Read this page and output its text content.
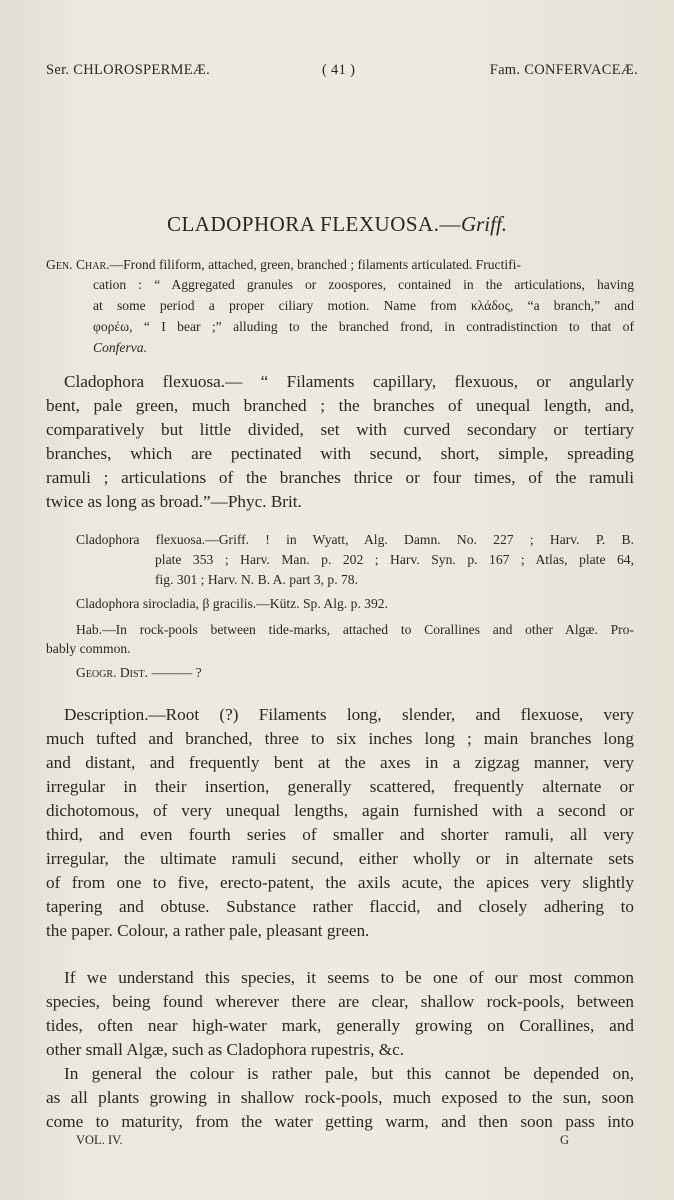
Ser. CHLOROSPERMEÆ.	( 41 )	Fam. CONFERVACEÆ.
CLADOPHORA FLEXUOSA.—Griff.
Gen. Char.—Frond filiform, attached, green, branched ; filaments articulated. Fructifi-
cation : “ Aggregated granules or zoospores, contained in the articulations, having
at some period a proper ciliary motion. Name from κλάδος, “a branch,” and
φορέω, “ I bear ;” alluding to the branched frond, in contradistinction to that of
Conferva.
Cladophora flexuosa.— “ Filaments capillary, flexuous, or angularly
bent, pale green, much branched ; the branches of unequal length, and,
comparatively but little divided, set with curved secondary or tertiary
branches, which are pectinated with secund, short, simple, spreading
ramuli ; articulations of the branches thrice or four times, of the ramuli
twice as long as broad.”—Phyc. Brit.
Cladophora flexuosa.—Griff. ! in Wyatt, Alg. Damn. No. 227 ; Harv. P. B.
plate 353 ; Harv. Man. p. 202 ; Harv. Syn. p. 167 ; Atlas, plate 64,
fig. 301 ; Harv. N. B. A. part 3, p. 78.
Cladophora sirocladia, β gracilis.—Kütz. Sp. Alg. p. 392.
Hab.—In rock-pools between tide-marks, attached to Corallines and other Algæ. Pro-
bably common.
Geogr. Dist. ——— ?
Description.—Root (?) Filaments long, slender, and flexuose, very
much tufted and branched, three to six inches long ; main branches long
and distant, and frequently bent at the axes in a zigzag manner, very
irregular in their insertion, generally scattered, frequently alternate or
dichotomous, of very unequal lengths, again furnished with a second or
third, and even fourth series of smaller and shorter ramuli, all very
irregular, the ultimate ramuli secund, either wholly or in alternate sets
of from one to five, erecto-patent, the axils acute, the apices very slightly
tapering and obtuse. Substance rather flaccid, and closely adhering to
the paper. Colour, a rather pale, pleasant green.
If we understand this species, it seems to be one of our most common
species, being found wherever there are clear, shallow rock-pools, between
tides, often near high-water mark, generally growing on Corallines, and
other small Algæ, such as Cladophora rupestris, &c.
In general the colour is rather pale, but this cannot be depended on,
as all plants growing in shallow rock-pools, much exposed to the sun, soon
come to maturity, from the water getting warm, and then soon pass into
VOL. IV.	G
